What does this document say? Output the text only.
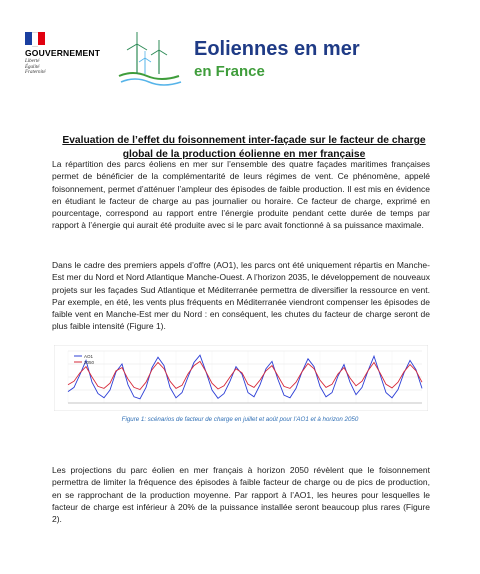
GOUVERNEMENT
Liberté
Égalité
Fraternité
Eoliennes en mer
en France
Evaluation de l’effet du foisonnement inter-façade sur le facteur de charge
global de la production éolienne en mer française
La répartition des parcs éoliens en mer sur l’ensemble des quatre façades maritimes françaises permet de bénéficier de la complémentarité de leurs régimes de vent. Ce phénomène, appelé foisonnement, permet d’atténuer l’ampleur des épisodes de faible production. Il est mis en évidence en étudiant le facteur de charge au pas journalier ou horaire. Ce facteur de charge, exprimé en pourcentage, correspond au rapport entre l’énergie produite pendant cette durée de temps par rapport à l’énergie qui aurait été produite avec si le parc avait fonctionné à sa puissance maximale.
Dans le cadre des premiers appels d’offre (AO1), les parcs ont été uniquement répartis en Manche-Est mer du Nord et Nord Atlantique Manche-Ouest. A l’horizon 2035, le développement de nouveaux projets sur les façades Sud Atlantique et Méditerranée permettra de diversifier la ressource en vent. Par exemple, en été, les vents plus fréquents en Méditerranée viendront compenser les épisodes de faible vent en Manche-Est mer du Nord : en conséquent, les chutes du facteur de charge seront de plus faible intensité (Figure 1).
AO1
2050
Figure 1: scénarios de facteur de charge en juillet et août pour l’AO1 et à horizon 2050
Les projections du parc éolien en mer français à horizon 2050 révèlent que le foisonnement permettra de limiter la fréquence des épisodes à faible facteur de charge ou de pics de production, en se rapprochant de la production moyenne. Par rapport à l’AO1, les heures pour lesquelles le facteur de charge est inférieur à 20% de la puissance installée seront beaucoup plus rares (Figure 2).
